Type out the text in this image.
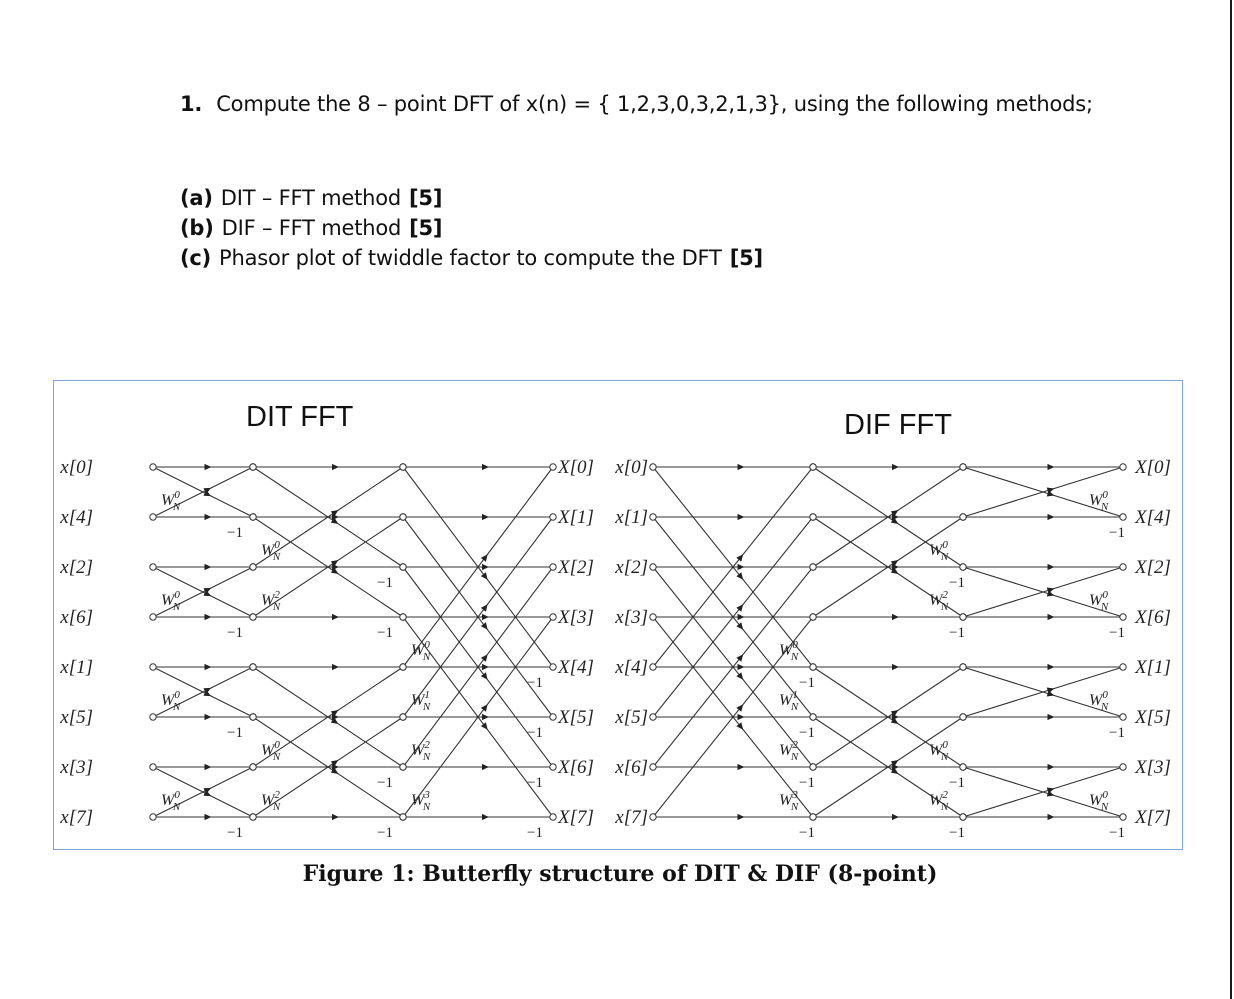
1. Compute the 8 – point DFT of x(n) = { 1,2,3,0,3,2,1,3}, using the following methods;
(a) DIT – FFT method [5]
(b) DIF – FFT method [5]
(c) Phasor plot of twiddle factor to compute the DFT [5]
DIT FFT	DIF FFT
x[0]
x[4]
x[2]
x[6]
x[1]
x[5]
x[3]
x[7]
X[0]
X[1]
X[2]
X[3]
X[4]
X[5]
X[6]
X[7]
$W^0$ N
−1
$W^0$ N
−1
$W^0$ N
−1
$W^0$ N
−1
$W^0$ N
−1
$W^2$ N
−1
$W^0$ N
−1
$W^2$ N
−1
$W^0$ N
−1
$W^1$ N
−1
$W^2$ N
−1
$W^3$ N
−1
x[0]
x[1]
x[2]
x[3]
x[4]
x[5]
x[6]
x[7]
X[0]
X[4]
X[2]
X[6]
X[1]
X[5]
X[3]
X[7]
$W^0$ N
−1
$W^1$ N
−1
$W^2$ N
−1
$W^3$ N
−1
$W^0$ N
−1
$W^2$ N
−1
$W^0$ N
−1
$W^2$ N
−1
$W^0$ N
−1
$W^0$ N
−1
$W^0$ N
−1
$W^0$ N
−1
Figure 1: Butterfly structure of DIT & DIF (8-point)
